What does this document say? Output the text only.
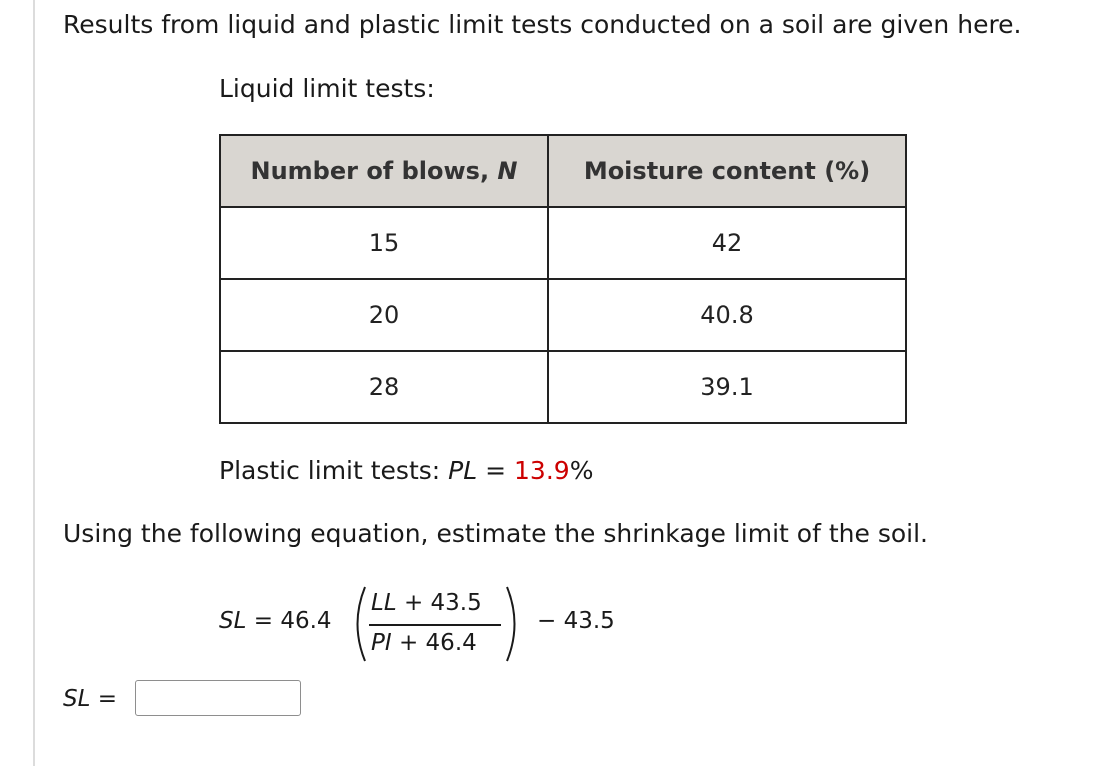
Results from liquid and plastic limit tests conducted on a soil are given here.
Liquid limit tests:
Number of blows, N	Moisture content (%)
15	42
20	40.8
28	39.1
Plastic limit tests: PL = 13.9%
Using the following equation, estimate the shrinkage limit of the soil.
SL = 46.4
LL + 43.5
PI + 46.4
− 43.5
SL =
